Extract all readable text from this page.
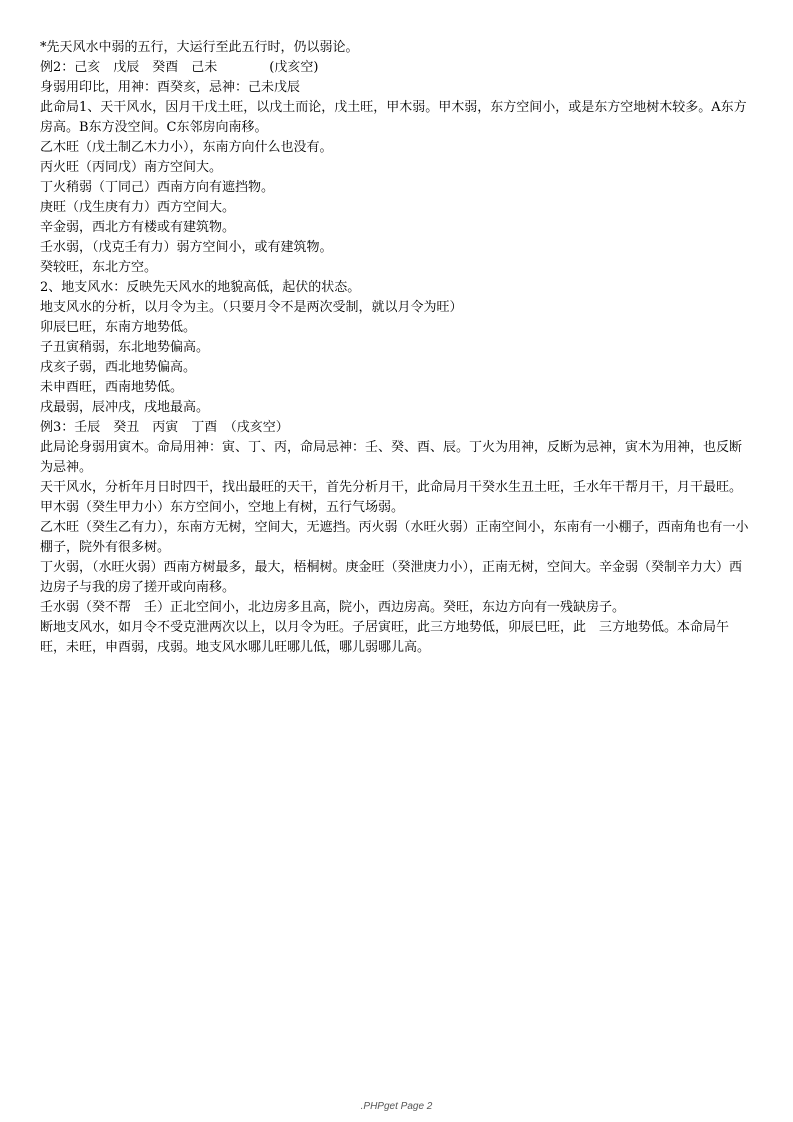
*先天风水中弱的五行，大运行至此五行时，仍以弱论。

例2：己亥　戊辰　癸酉　己未　　　　(戊亥空)

身弱用印比，用神：酉癸亥，忌神：己未戊辰

此命局1、天干风水，因月干戊土旺，以戊土而论，戊土旺，甲木弱。甲木弱，东方空间小，或是东方空地树木较多。A东方房高。B东方没空间。C东邻房向南移。

乙木旺（戊土制乙木力小），东南方向什么也没有。

丙火旺（丙同戊）南方空间大。

丁火稍弱（丁同己）西南方向有遮挡物。

庚旺（戊生庚有力）西方空间大。

辛金弱，西北方有楼或有建筑物。

壬水弱，（戊克壬有力）弱方空间小，或有建筑物。

癸较旺，东北方空。

2、地支风水：反映先天风水的地貌高低，起伏的状态。

地支风水的分析，以月令为主。（只要月令不是两次受制，就以月令为旺）

卯辰巳旺，东南方地势低。

子丑寅稍弱，东北地势偏高。

戌亥子弱，西北地势偏高。

未申酉旺，西南地势低。

戌最弱，辰冲戌，戌地最高。

例3：壬辰　癸丑　丙寅　丁酉　（戌亥空）

此局论身弱用寅木。命局用神：寅、丁、丙，命局忌神：壬、癸、酉、辰。丁火为用神，反断为忌神，寅木为用神，也反断为忌神。

天干风水，分析年月日时四干，找出最旺的天干，首先分析月干，此命局月干癸水生丑土旺，壬水年干帮月干，月干最旺。甲木弱（癸生甲力小）东方空间小，空地上有树，五行气场弱。

乙木旺（癸生乙有力），东南方无树，空间大，无遮挡。丙火弱（水旺火弱）正南空间小，东南有一小棚子，西南角也有一小棚子，院外有很多树。

丁火弱，（水旺火弱）西南方树最多，最大，梧桐树。庚金旺（癸泄庚力小），正南无树，空间大。辛金弱（癸制辛力大）西边房子与我的房了搓开或向南移。

壬水弱（癸不帮　壬）正北空间小，北边房多且高，院小，西边房高。癸旺，东边方向有一残缺房子。

断地支风水，如月令不受克泄两次以上，以月令为旺。子居寅旺，此三方地势低，卯辰巳旺，此　三方地势低。本命局午旺，未旺，申酉弱，戌弱。地支风水哪儿旺哪儿低，哪儿弱哪儿高。

.PHPget Page 2
